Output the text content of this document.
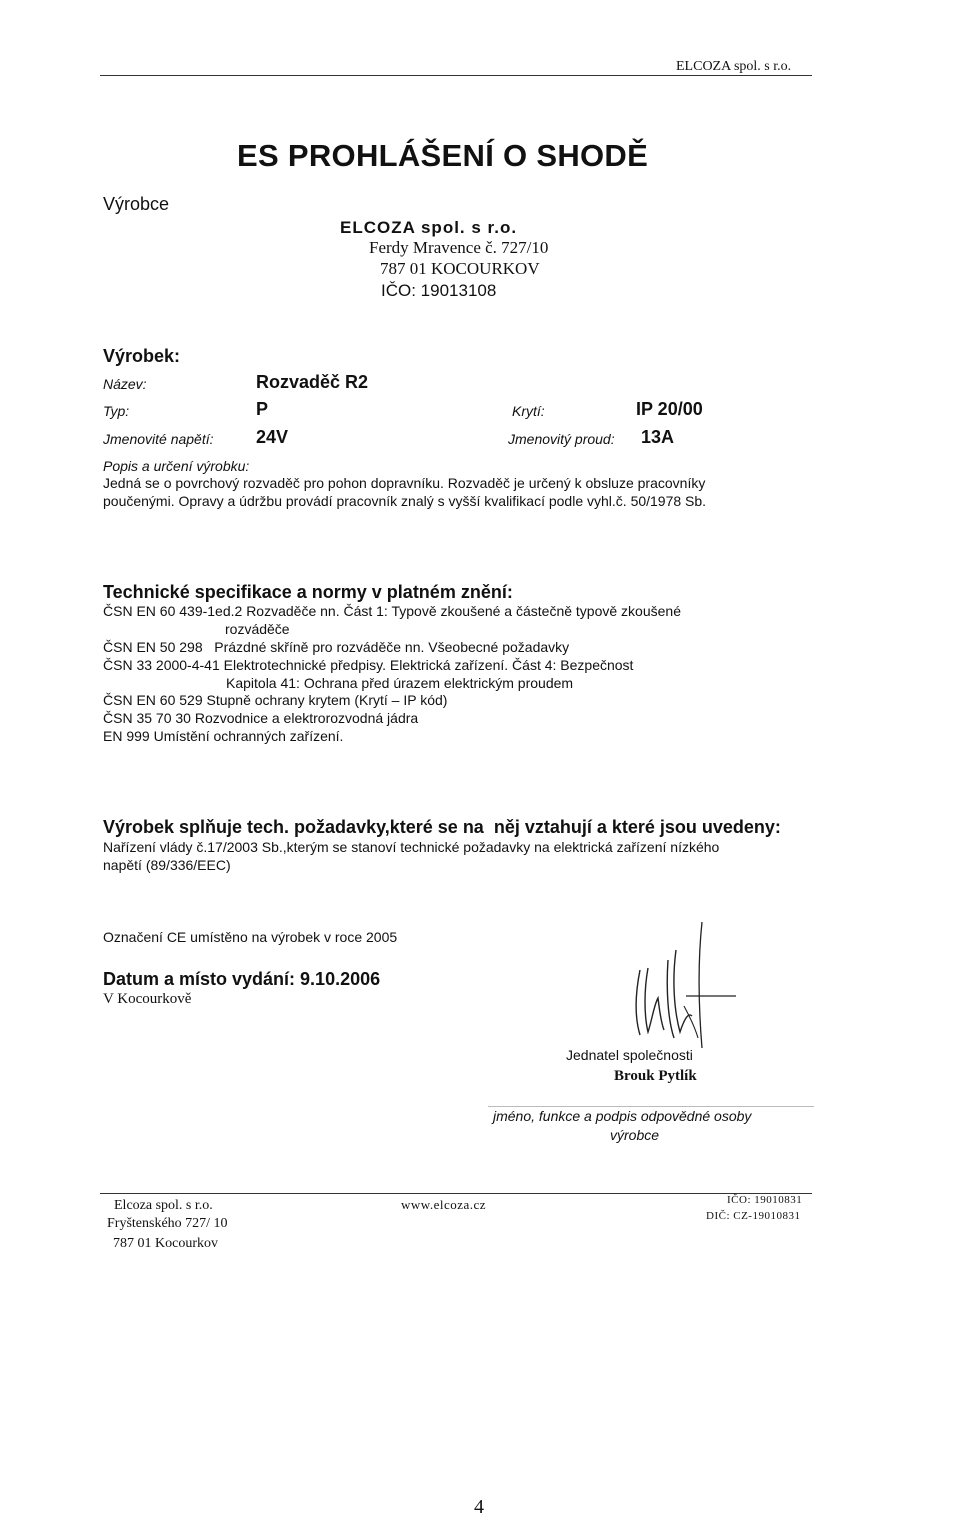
ELCOZA spol. s r.o.
ES PROHLÁŠENÍ O SHODĚ
Výrobce
ELCOZA spol. s r.o.
Ferdy Mravence č. 727/10
787 01 KOCOURKOV
IČO: 19013108
Výrobek:
Název:	Rozvaděč R2
Typ:	P	Krytí:	IP 20/00
Jmenovité napětí: 24V	Jmenovitý proud: 13A
Popis a určení výrobku:
Jedná se o povrchový rozvaděč pro pohon dopravníku. Rozvaděč je určený k obsluze pracovníky
poučenými. Opravy a údržbu provádí pracovník znalý s vyšší kvalifikací podle vyhl.č. 50/1978 Sb.
Technické specifikace a normy v platném znění:
ČSN EN 60 439-1ed.2 Rozvaděče nn. Část 1: Typově zkoušené a částečně typově zkoušené
rozváděče
ČSN EN 50 298   Prázdné skříně pro rozváděče nn. Všeobecné požadavky
ČSN 33 2000-4-41 Elektrotechnické předpisy. Elektrická zařízení. Část 4: Bezpečnost
Kapitola 41: Ochrana před úrazem elektrickým proudem
ČSN EN 60 529 Stupně ochrany krytem (Krytí – IP kód)
ČSN 35 70 30 Rozvodnice a elektrorozvodná jádra
EN 999 Umístění ochranných zařízení.
Výrobek splňuje tech. požadavky,které se na  něj vztahují a které jsou uvedeny:
Nařízení vlády č.17/2003 Sb.,kterým se stanoví technické požadavky na elektrická zařízení nízkého
napětí (89/336/EEC)
Označení CE umístěno na výrobek v roce 2005
Datum a místo vydání: 9.10.2006
V Kocourkově
Jednatel společnosti
Brouk Pytlík
jméno, funkce a podpis odpovědné osoby
výrobce
Elcoza spol. s r.o.
Fryštenského 727/ 10
787 01 Kocourkov
www.elcoza.cz	IČO: 19010831
DIČ: CZ-19010831
4
